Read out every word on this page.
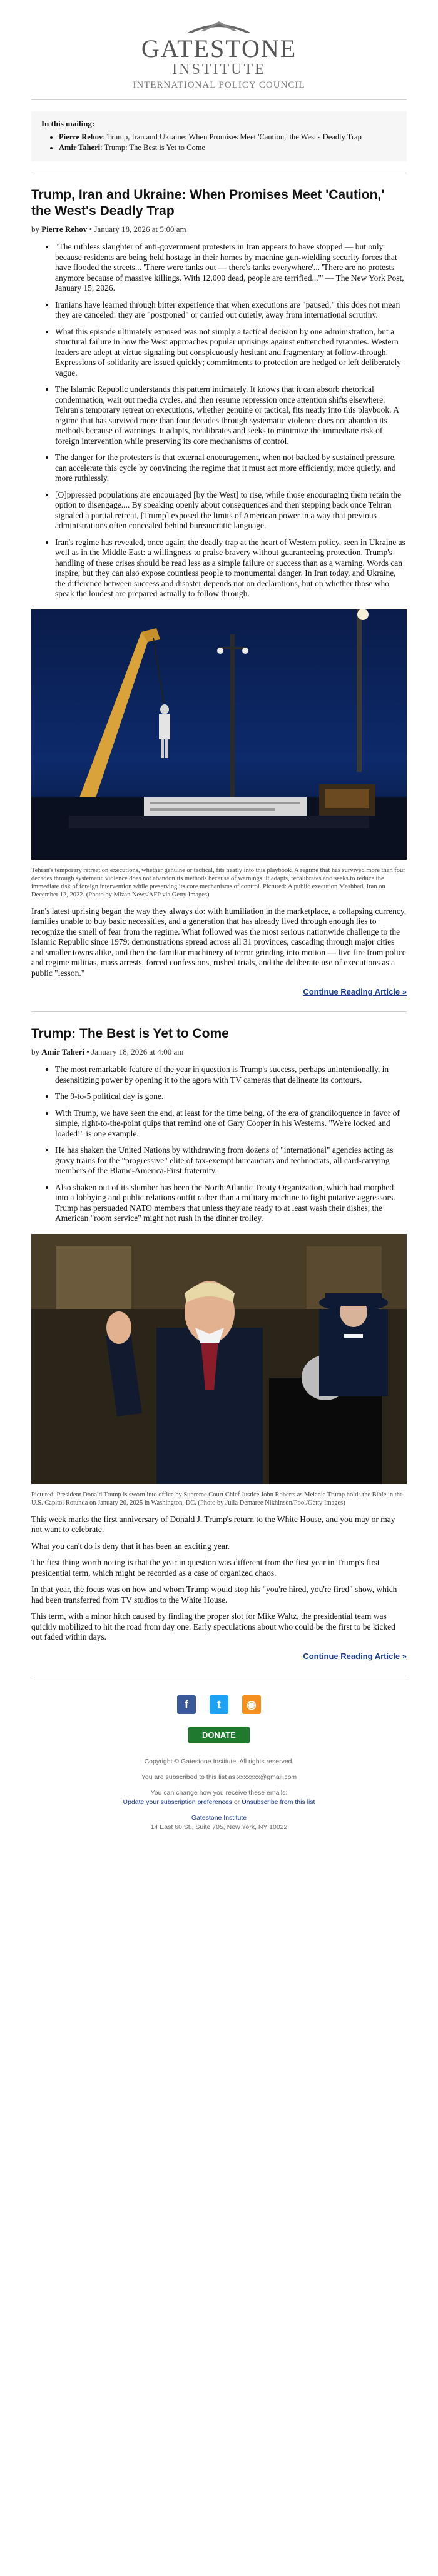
GATESTONE
INSTITUTE
INTERNATIONAL POLICY COUNCIL
In this mailing:
• Pierre Rehov: Trump, Iran and Ukraine: When Promises Meet 'Caution,' the West's Deadly Trap
• Amir Taheri: Trump: The Best is Yet to Come
Trump, Iran and Ukraine: When Promises Meet 'Caution,' the West's Deadly Trap
by Pierre Rehov • January 18, 2026 at 5:00 am
• "The ruthless slaughter of anti-government protesters in Iran appears to have stopped — but only because residents are being held hostage in their homes by machine gun-wielding security forces that have flooded the streets... 'There were tanks out — there's tanks everywhere'... 'There are no protests anymore because of massive killings. With 12,000 dead, people are terrified...'" — The New York Post, January 15, 2026.
• Iranians have learned through bitter experience that when executions are "paused," this does not mean they are canceled: they are "postponed" or carried out quietly, away from international scrutiny.
• What this episode ultimately exposed was not simply a tactical decision by one administration, but a structural failure in how the West approaches popular uprisings against entrenched tyrannies. Western leaders are adept at virtue signaling but conspicuously hesitant and fragmentary at follow-through. Expressions of solidarity are issued quickly; commitments to protection are hedged or left deliberately vague.
• The Islamic Republic understands this pattern intimately. It knows that it can absorb rhetorical condemnation, wait out media cycles, and then resume repression once attention shifts elsewhere. Tehran's temporary retreat on executions, whether genuine or tactical, fits neatly into this playbook. A regime that has survived more than four decades through systematic violence does not abandon its methods because of warnings. It adapts, recalibrates and seeks to minimize the immediate risk of foreign intervention while preserving its core mechanisms of control.
• The danger for the protesters is that external encouragement, when not backed by sustained pressure, can accelerate this cycle by convincing the regime that it must act more efficiently, more quietly, and more ruthlessly.
• [O]ppressed populations are encouraged [by the West] to rise, while those encouraging them retain the option to disengage.... By speaking openly about consequences and then stepping back once Tehran signaled a partial retreat, [Trump] exposed the limits of American power in a way that previous administrations often concealed behind bureaucratic language.
• Iran's regime has revealed, once again, the deadly trap at the heart of Western policy, seen in Ukraine as well as in the Middle East: a willingness to praise bravery without guaranteeing protection. Trump's handling of these crises should be read less as a simple failure or success than as a warning. Words can inspire, but they can also expose countless people to monumental danger. In Iran today, and Ukraine, the difference between success and disaster depends not on declarations, but on whether those who speak the loudest are prepared actually to follow through.
Tehran's temporary retreat on executions, whether genuine or tactical, fits neatly into this playbook. A regime that has survived more than four decades through systematic violence does not abandon its methods because of warnings. It adapts, recalibrates and seeks to reduce the immediate risk of foreign intervention while preserving its core mechanisms of control. Pictured: A public execution Mashhad, Iran on December 12, 2022. (Photo by Mizan News/AFP via Getty Images)

Iran's latest uprising began the way they always do: with humiliation in the marketplace, a collapsing currency, families unable to buy basic necessities, and a generation that has already lived through enough lies to recognize the smell of fear from the regime. What followed was the most serious nationwide challenge to the Islamic Republic since 1979: demonstrations spread across all 31 provinces, cascading through major cities and smaller towns alike, and then the familiar machinery of terror grinding into motion — live fire from police and regime militias, mass arrests, forced confessions, rushed trials, and the deliberate use of executions as a public "lesson."

Continue Reading Article »
Trump: The Best is Yet to Come
by Amir Taheri • January 18, 2026 at 4:00 am
• The most remarkable feature of the year in question is Trump's success, perhaps unintentionally, in desensitizing power by opening it to the agora with TV cameras that delineate its contours.
• The 9-to-5 political day is gone.
• With Trump, we have seen the end, at least for the time being, of the era of grandiloquence in favor of simple, right-to-the-point quips that remind one of Gary Cooper in his Westerns. "We're locked and loaded!" is one example.
• He has shaken the United Nations by withdrawing from dozens of "international" agencies acting as gravy trains for the "progressive" elite of tax-exempt bureaucrats and technocrats, all card-carrying members of the Blame-America-First fraternity.
• Also shaken out of its slumber has been the North Atlantic Treaty Organization, which had morphed into a lobbying and public relations outfit rather than a military machine to fight putative aggressors. Trump has persuaded NATO members that unless they are ready to at least wash their dishes, the American "room service" might not rush in the dinner trolley.
Pictured: President Donald Trump is sworn into office by Supreme Court Chief Justice John Roberts as Melania Trump holds the Bible in the U.S. Capitol Rotunda on January 20, 2025 in Washington, DC. (Photo by Julia Demaree Nikhinson/Pool/Getty Images)

This week marks the first anniversary of Donald J. Trump's return to the White House, and you may or may not want to celebrate.

What you can't do is deny that it has been an exciting year.

The first thing worth noting is that the year in question was different from the first year in Trump's first presidential term, which might be recorded as a case of organized chaos.

In that year, the focus was on how and whom Trump would stop his "you're hired, you're fired" show, which had been transferred from TV studios to the White House.

This term, with a minor hitch caused by finding the proper slot for Mike Waltz, the presidential team was quickly mobilized to hit the road from day one. Early speculations about who could be the first to be kicked out faded within days.

Continue Reading Article »
f	t	◉
DONATE
Copyright © Gatestone Institute. All rights reserved.
You are subscribed to this list as xxxxxxx@gmail.com
You can change how you receive these emails:
Update your subscription preferences or Unsubscribe from this list
Gatestone Institute
14 East 60 St., Suite 705, New York, NY 10022
